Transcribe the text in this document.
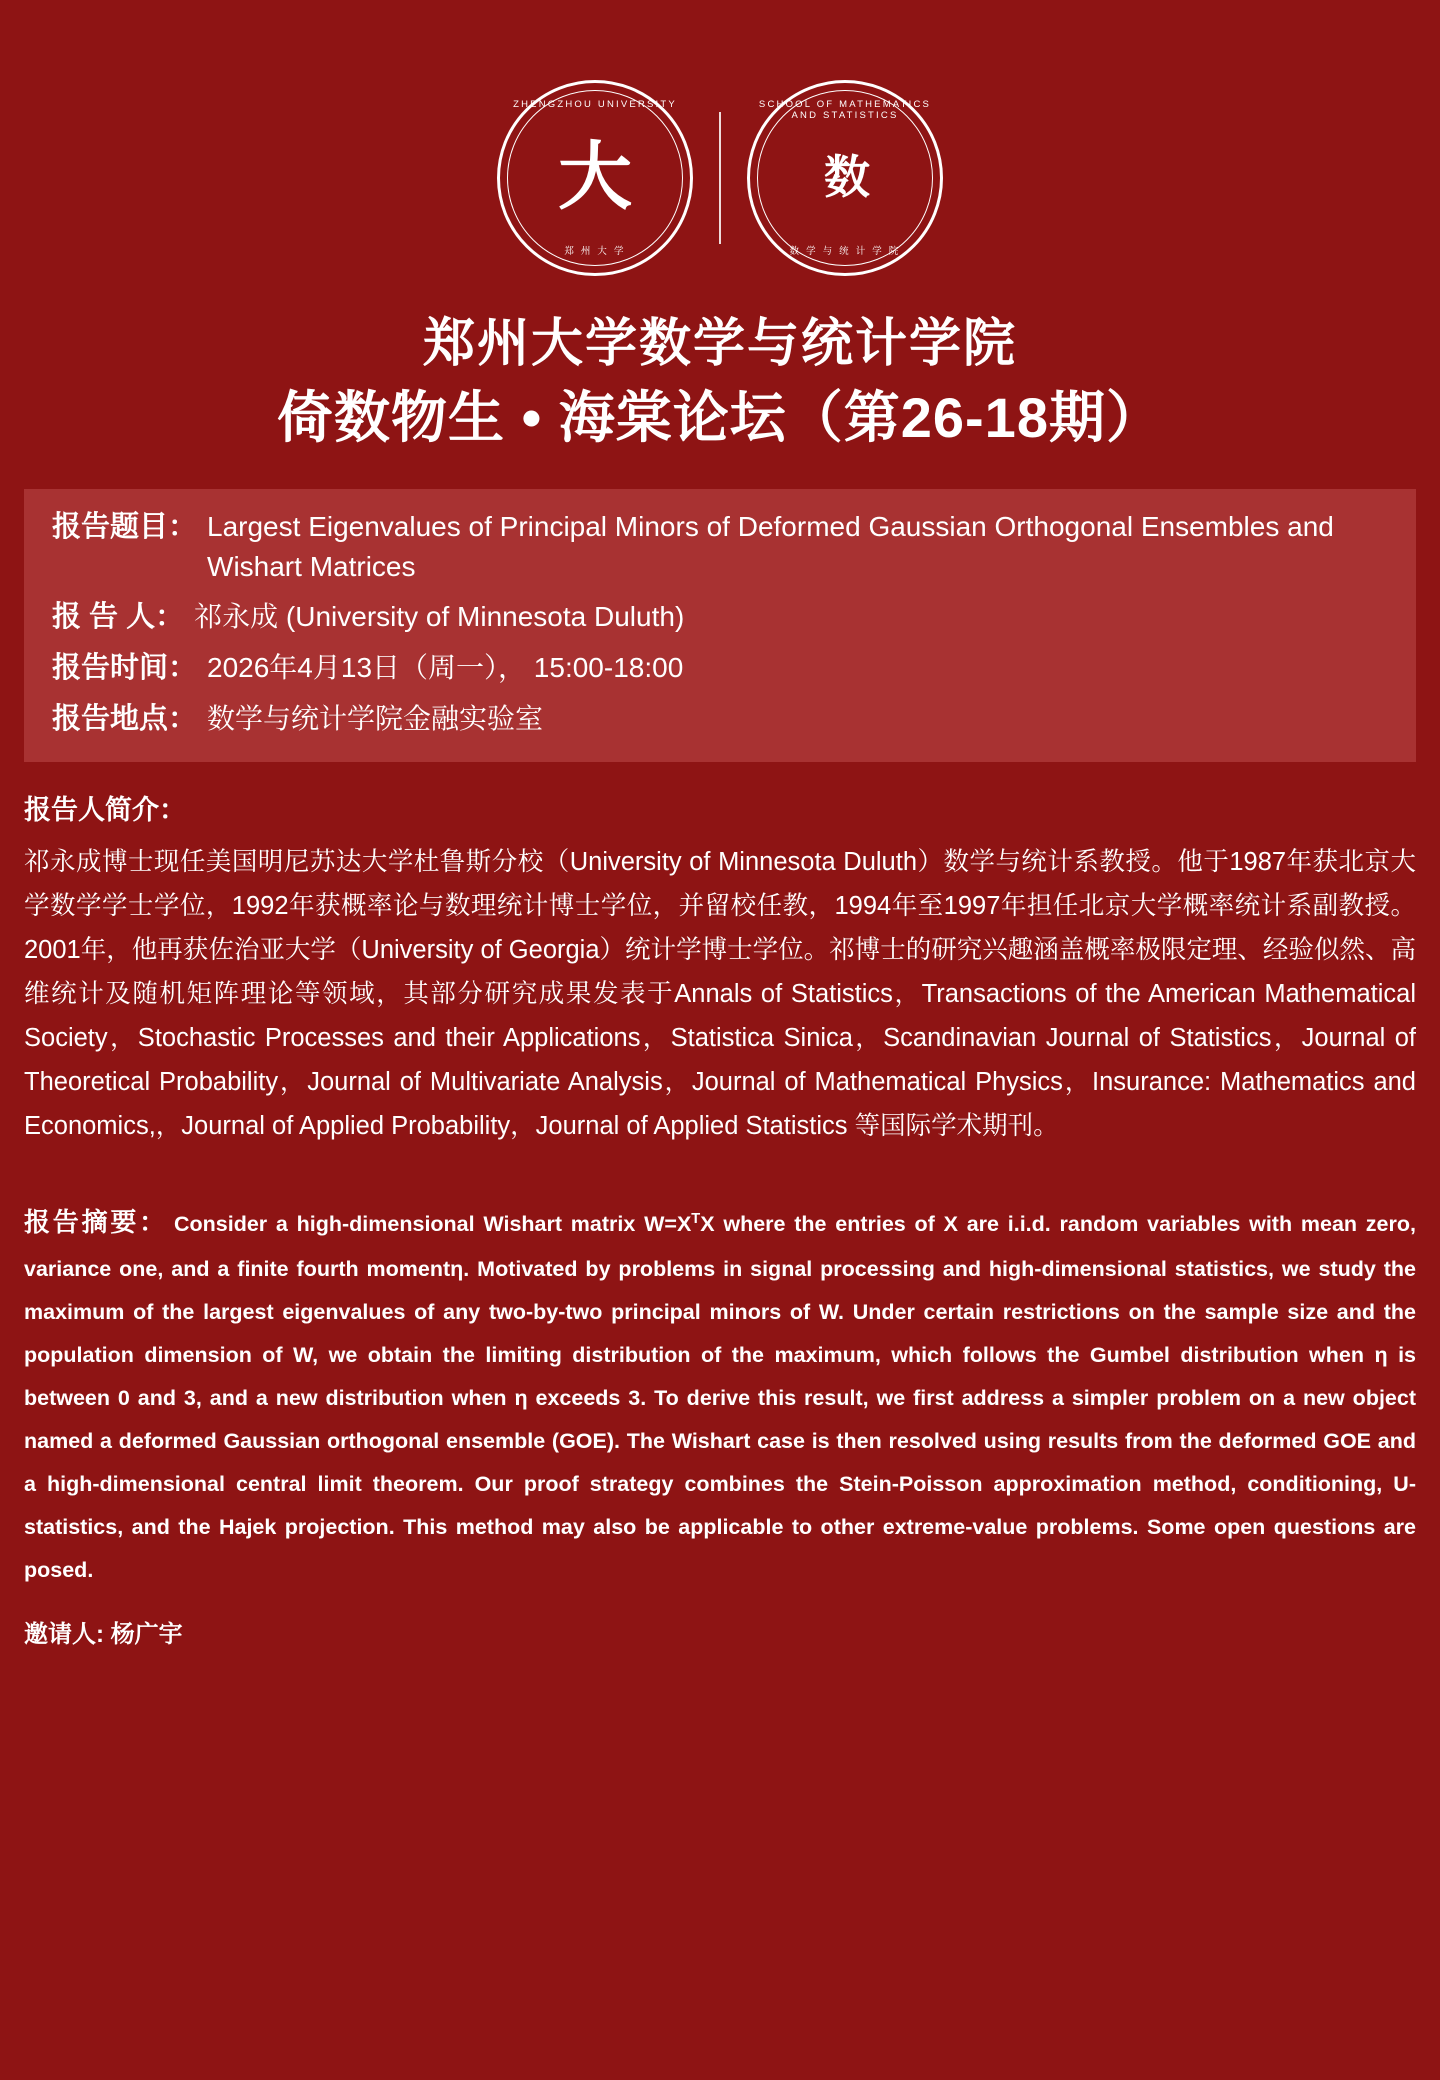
ZHENGZHOU UNIVERSITY
大
郑 州 大 学
SCHOOL OF MATHEMATICS AND STATISTICS
数
数 学 与 统 计 学 院
郑州大学数学与统计学院
倚数物生 • 海棠论坛（第26-18期）
报告题目： Largest Eigenvalues of Principal Minors of Deformed Gaussian Orthogonal Ensembles and Wishart Matrices
报 告 人： 祁永成 (University of Minnesota Duluth)
报告时间： 2026年4月13日（周一）， 15:00-18:00
报告地点： 数学与统计学院金融实验室
报告人简介：
祁永成博士现任美国明尼苏达大学杜鲁斯分校（University of Minnesota Duluth）数学与统计系教授。他于1987年获北京大学数学学士学位，1992年获概率论与数理统计博士学位，并留校任教，1994年至1997年担任北京大学概率统计系副教授。2001年，他再获佐治亚大学（University of Georgia）统计学博士学位。祁博士的研究兴趣涵盖概率极限定理、经验似然、高维统计及随机矩阵理论等领域，其部分研究成果发表于Annals of Statistics，Transactions of the American Mathematical Society，Stochastic Processes and their Applications，Statistica Sinica，Scandinavian Journal of Statistics，Journal of Theoretical Probability，Journal of Multivariate Analysis，Journal of Mathematical Physics，Insurance: Mathematics and Economics,，Journal of Applied Probability，Journal of Applied Statistics 等国际学术期刊。
报告摘要： Consider a high-dimensional Wishart matrix $W=X^TX$ where the entries of X are i.i.d. random variables with mean zero, variance one, and a finite fourth momentη. Motivated by problems in signal processing and high-dimensional statistics, we study the maximum of the largest eigenvalues of any two-by-two principal minors of W. Under certain restrictions on the sample size and the population dimension of W, we obtain the limiting distribution of the maximum, which follows the Gumbel distribution when η is between 0 and 3, and a new distribution when η exceeds 3. To derive this result, we first address a simpler problem on a new object named a deformed Gaussian orthogonal ensemble (GOE). The Wishart case is then resolved using results from the deformed GOE and a high-dimensional central limit theorem. Our proof strategy combines the Stein-Poisson approximation method, conditioning, U-statistics, and the Hajek projection. This method may also be applicable to other extreme-value problems. Some open questions are posed.
邀请人: 杨广宇
